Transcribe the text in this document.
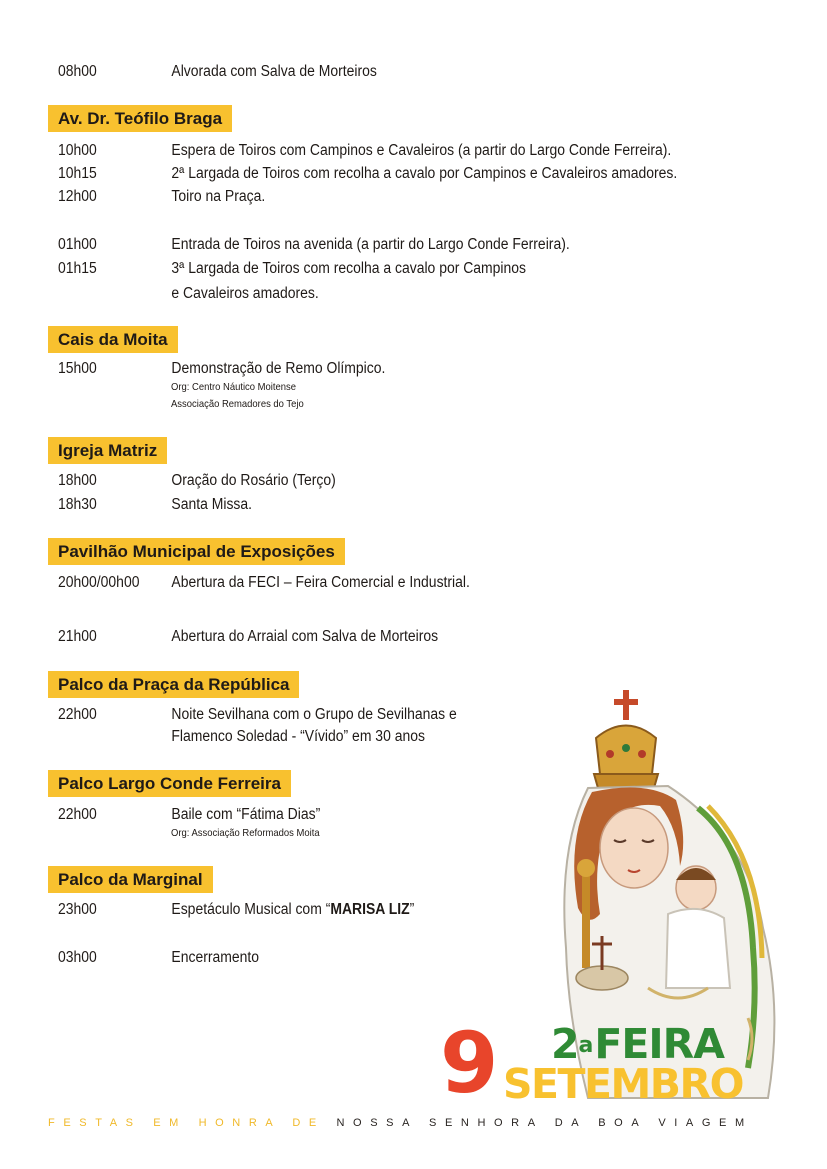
08h00	Alvorada com Salva de Morteiros
Av. Dr. Teófilo Braga
10h00	Espera de Toiros com Campinos e Cavaleiros (a partir do Largo Conde Ferreira).
10h15	2ª Largada de Toiros com recolha a cavalo por Campinos e Cavaleiros amadores.
12h00	Toiro na Praça.
01h00	Entrada de Toiros na avenida (a partir do Largo Conde Ferreira).
01h15	3ª Largada de Toiros com recolha a cavalo por Campinos
e Cavaleiros amadores.
Cais da Moita
15h00	Demonstração de Remo Olímpico.
Org: Centro Náutico Moitense
Associação Remadores do Tejo
Igreja Matriz
18h00	Oração do Rosário (Terço)
18h30	Santa Missa.
Pavilhão Municipal de Exposições
20h00/00h00 Abertura da FECI – Feira Comercial e Industrial.
21h00	Abertura do Arraial com Salva de Morteiros
Palco da Praça da República
22h00	Noite Sevilhana com o Grupo de Sevilhanas e
Flamenco Soledad - “Vívido” em 30 anos
Palco Largo Conde Ferreira
22h00	Baile com “Fátima Dias”
Org: Associação Reformados Moita
Palco da Marginal
23h00	Espetáculo Musical com “MARISA LIZ”
03h00	Encerramento
9 2$^a$FEIRA
SETEMBRO
FESTAS EM HONRA DE NOSSA SENHORA DA BOA VIAGEM
